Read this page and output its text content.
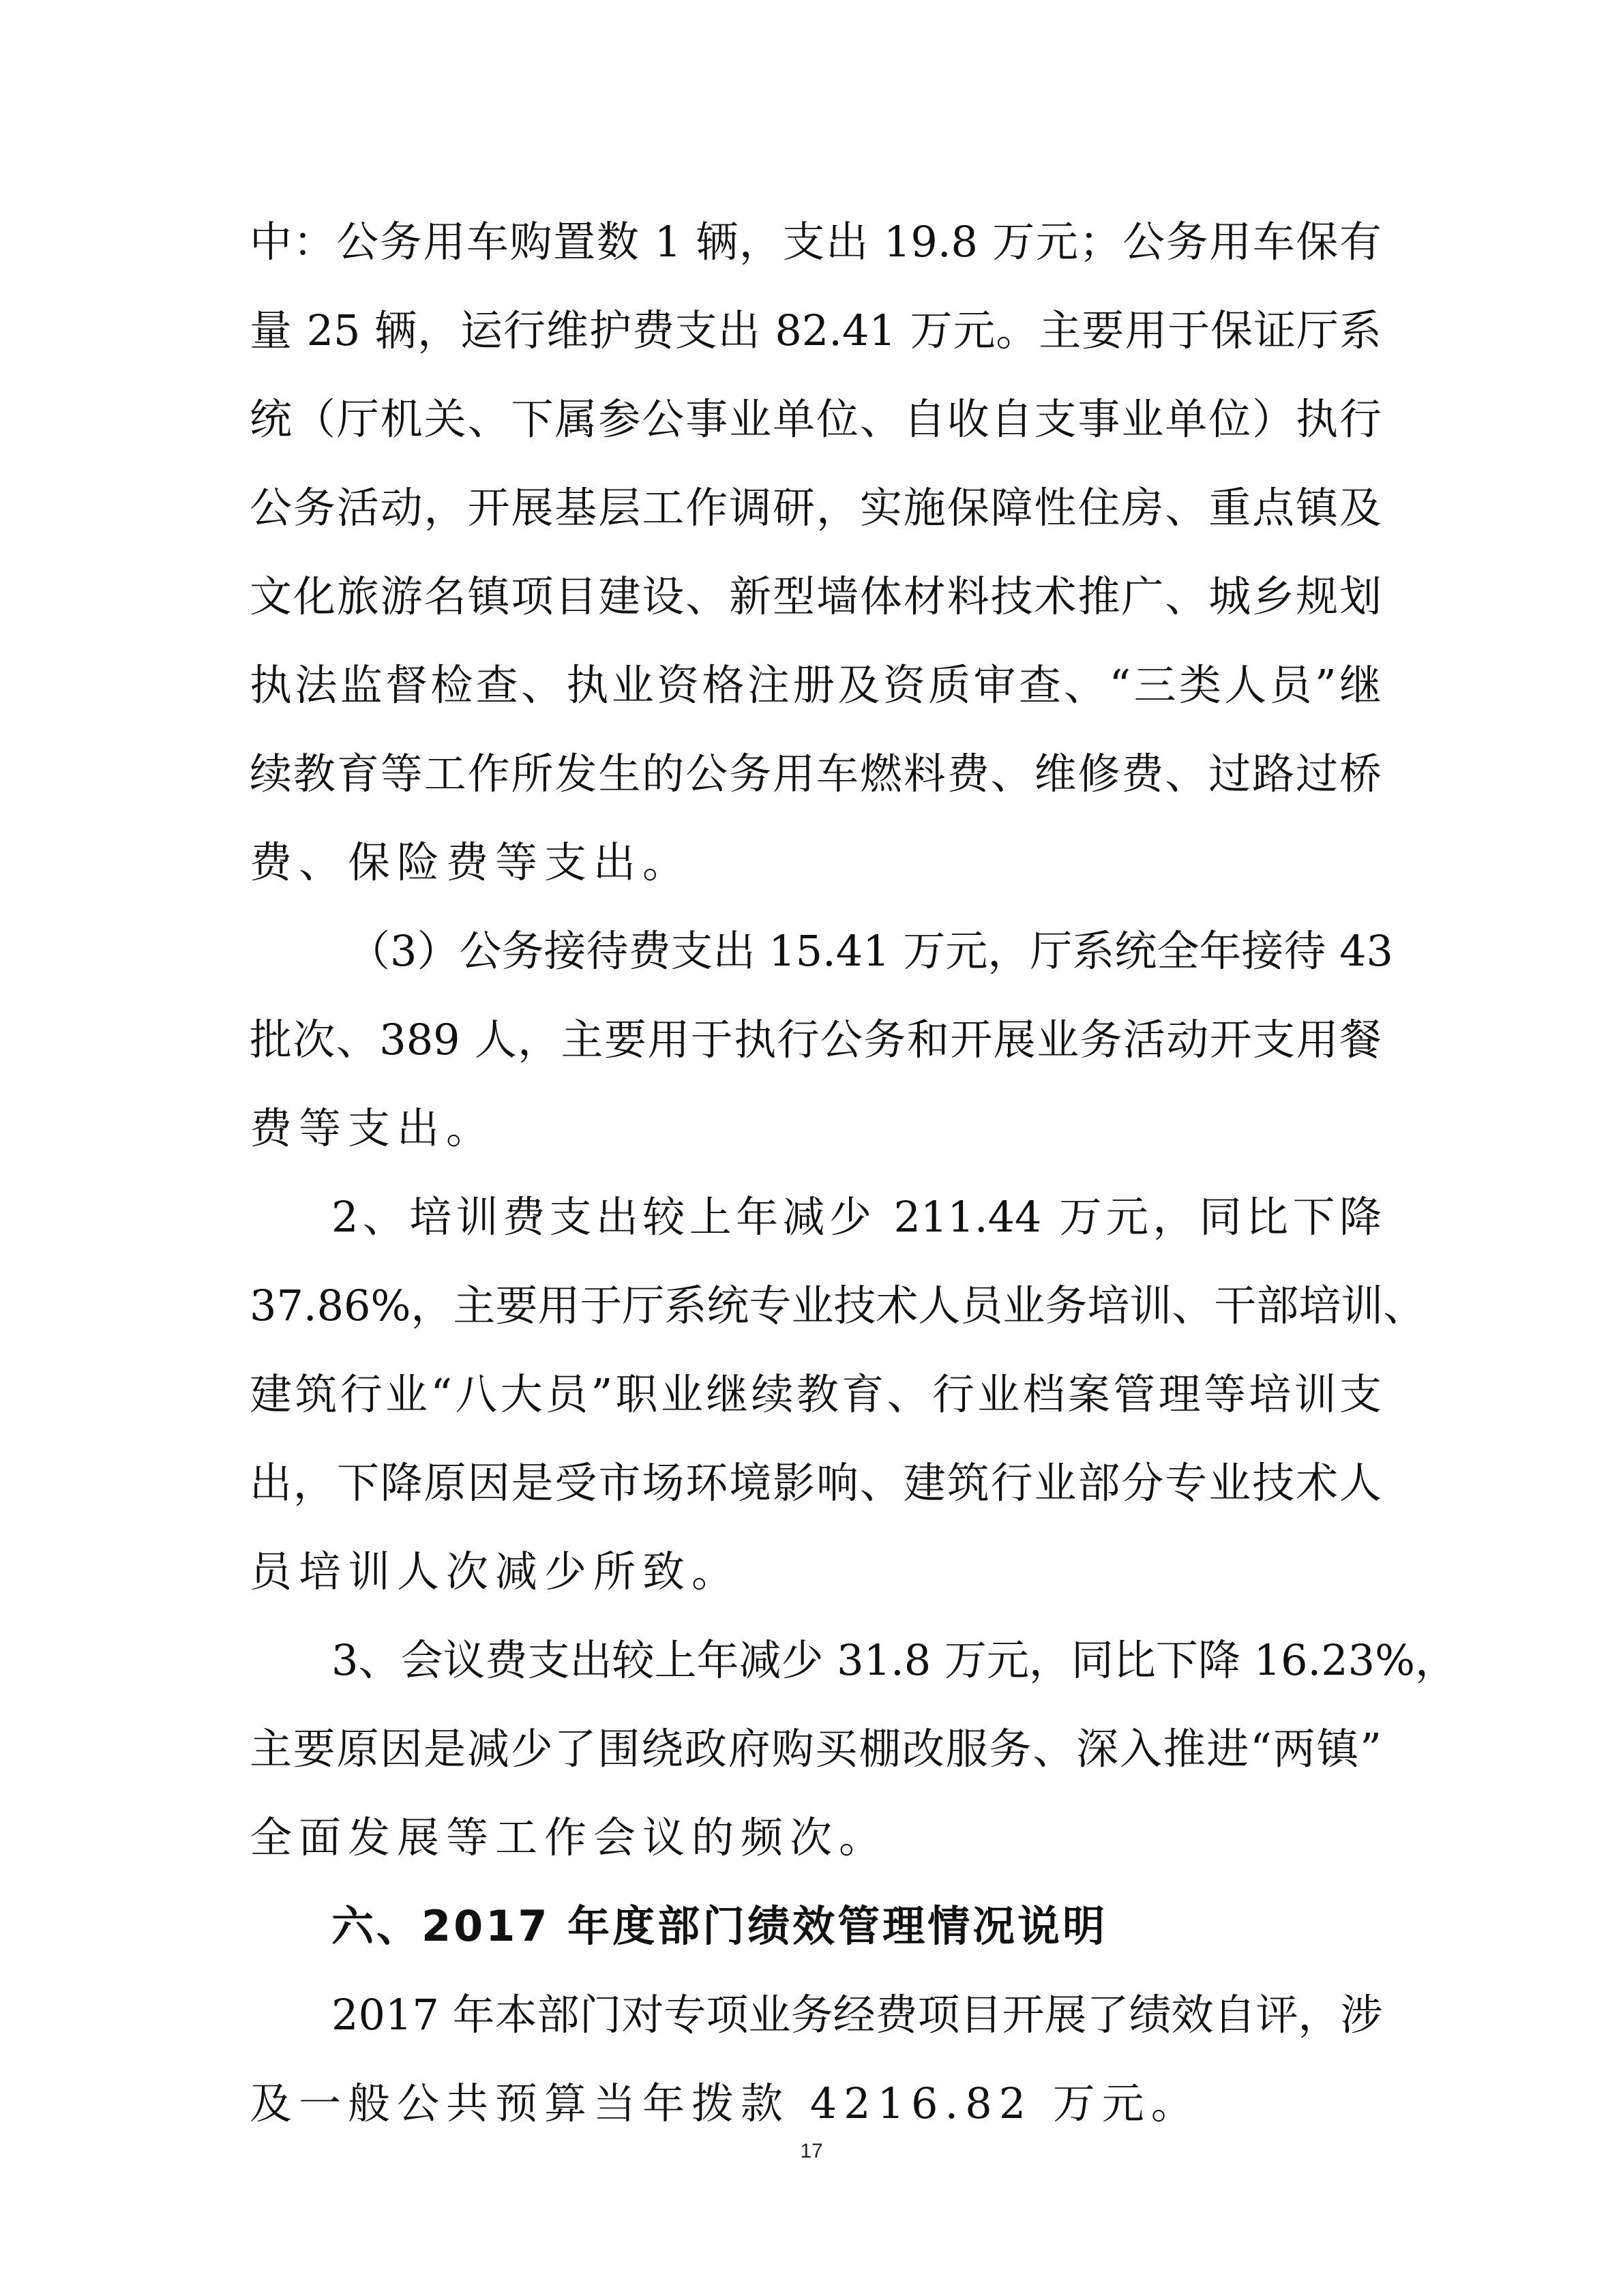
中：公务用车购置数 1 辆，支出 19.8 万元；公务用车保有
量 25 辆，运行维护费支出 82.41 万元。主要用于保证厅系
统（厅机关、下属参公事业单位、自收自支事业单位）执行
公务活动，开展基层工作调研，实施保障性住房、重点镇及
文化旅游名镇项目建设、新型墙体材料技术推广、城乡规划
执法监督检查、执业资格注册及资质审查、“三类人员”继
续教育等工作所发生的公务用车燃料费、维修费、过路过桥
费、保险费等支出。
（3）公务接待费支出 15.41 万元，厅系统全年接待 43
批次、389 人，主要用于执行公务和开展业务活动开支用餐
费等支出。
2、培训费支出较上年减少 211.44 万元，同比下降
37.86%，主要用于厅系统专业技术人员业务培训、干部培训、
建筑行业“八大员”职业继续教育、行业档案管理等培训支
出，下降原因是受市场环境影响、建筑行业部分专业技术人
员培训人次减少所致。
3、会议费支出较上年减少 31.8 万元，同比下降 16.23%，
主要原因是减少了围绕政府购买棚改服务、深入推进“两镇”
全面发展等工作会议的频次。
六、2017 年度部门绩效管理情况说明
2017 年本部门对专项业务经费项目开展了绩效自评，涉
及一般公共预算当年拨款 4216.82 万元。
17
